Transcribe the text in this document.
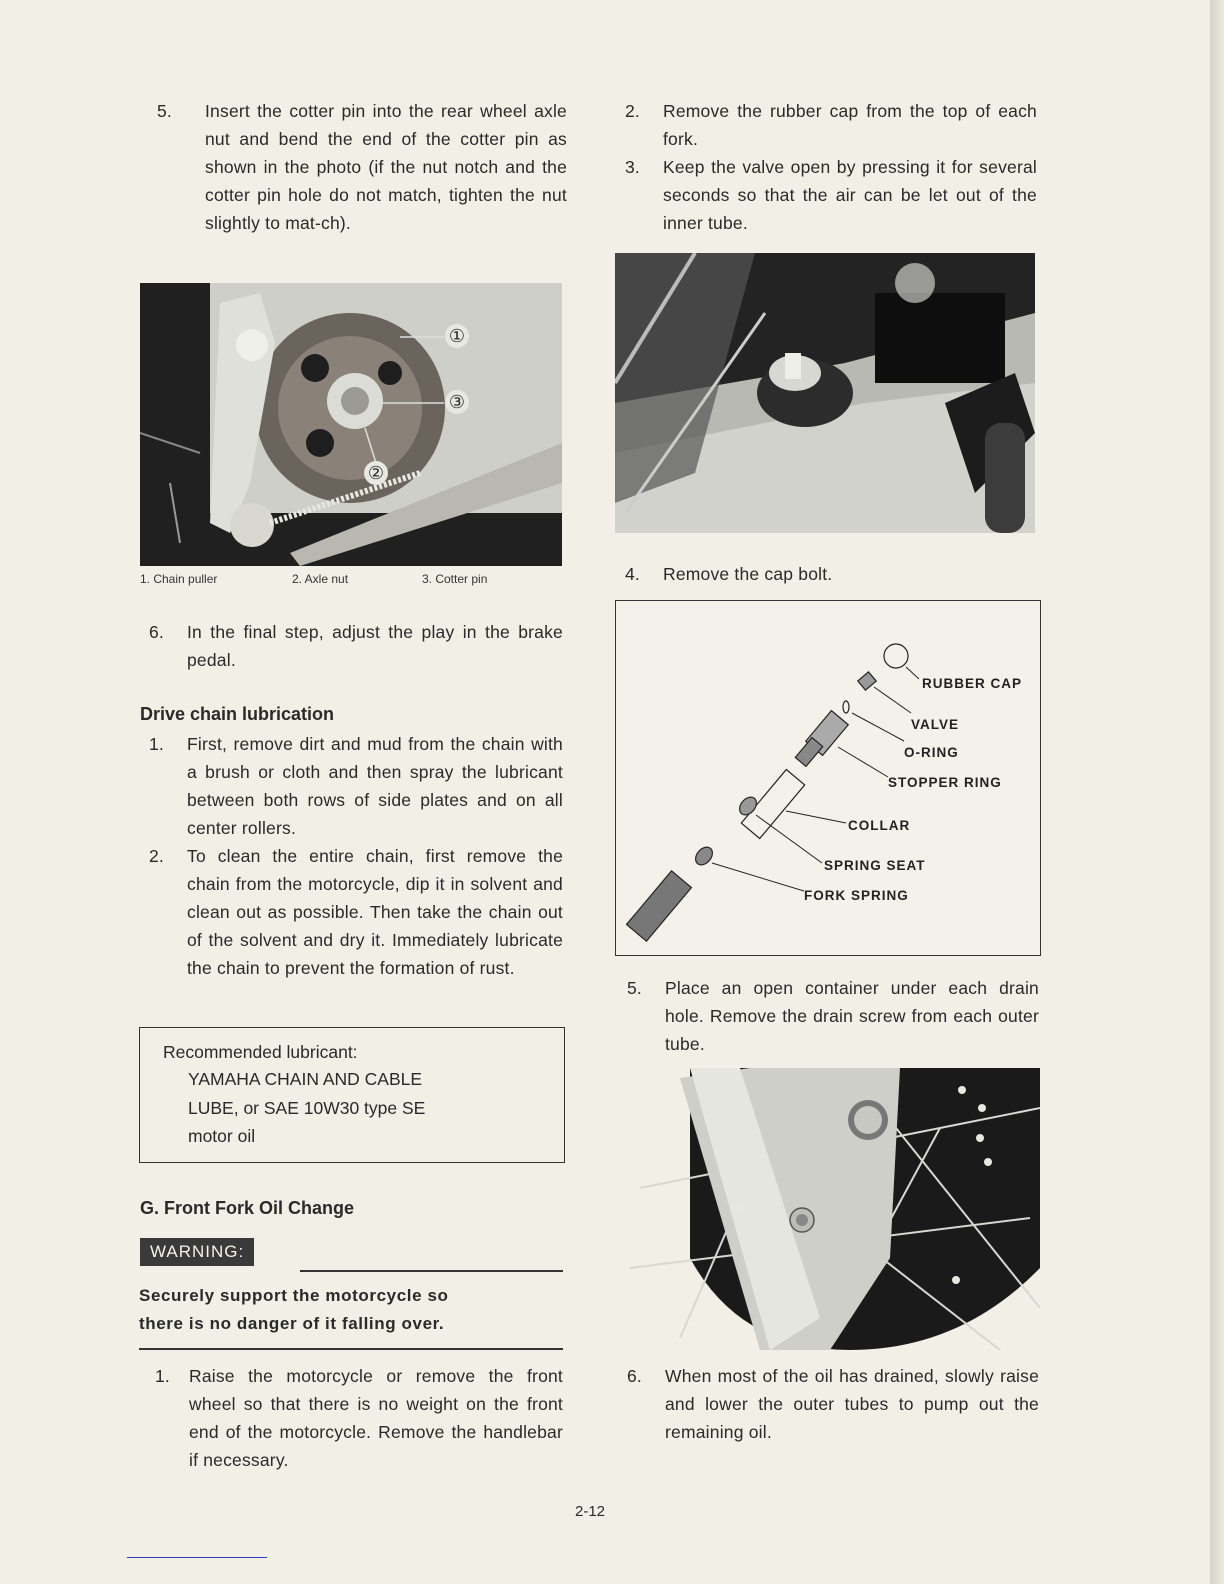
5. Insert the cotter pin into the rear wheel axle nut and bend the end of the cotter pin as shown in the photo (if the nut notch and the cotter pin hole do not match, tighten the nut slightly to mat-ch).
①
③
②
1. Chain puller	2. Axle nut	3. Cotter pin
6. In the final step, adjust the play in the brake pedal.
Drive chain lubrication
1. First, remove dirt and mud from the chain with a brush or cloth and then spray the lubricant between both rows of side plates and on all center rollers.
2. To clean the entire chain, first remove the chain from the motorcycle, dip it in solvent and clean out as possible. Then take the chain out of the solvent and dry it. Immediately lubricate the chain to prevent the formation of rust.
Recommended lubricant:
YAMAHA CHAIN AND CABLE
LUBE, or SAE 10W30 type SE
motor oil
G. Front Fork Oil Change
WARNING:
Securely support the motorcycle so
there is no danger of it falling over.
1. Raise the motorcycle or remove the front wheel so that there is no weight on the front end of the motorcycle. Remove the handlebar if necessary.
2. Remove the rubber cap from the top of each fork.
3. Keep the valve open by pressing it for several seconds so that the air can be let out of the inner tube.
4. Remove the cap bolt.
RUBBER CAP
VALVE
O-RING
STOPPER RING
COLLAR
SPRING SEAT
FORK SPRING
5. Place an open container under each drain hole. Remove the drain screw from each outer tube.
6. When most of the oil has drained, slowly raise and lower the outer tubes to pump out the remaining oil.
2-12
